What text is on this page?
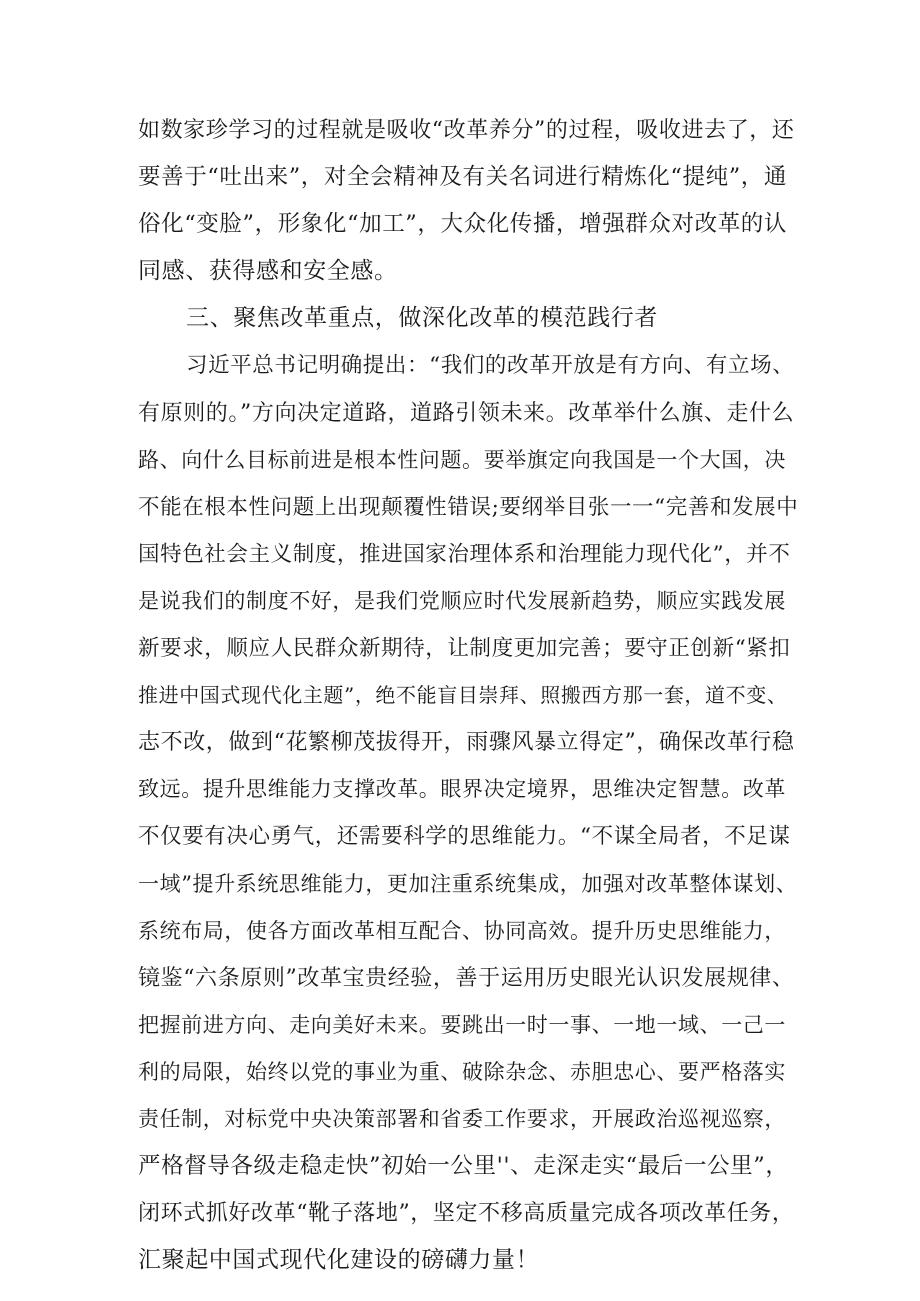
如数家珍学习的过程就是吸收“改革养分”的过程，吸收进去了，还
要善于“吐出来”，对全会精神及有关名词进行精炼化“提纯”，通
俗化“变脸”，形象化“加工”，大众化传播，增强群众对改革的认
同感、获得感和安全感。
三、聚焦改革重点，做深化改革的模范践行者
习近平总书记明确提出：“我们的改革开放是有方向、有立场、
有原则的。”方向决定道路，道路引领未来。改革举什么旗、走什么
路、向什么目标前进是根本性问题。要举旗定向我国是一个大国，决
不能在根本性问题上出现颠覆性错误;要纲举目张一一“完善和发展中
国特色社会主义制度，推进国家治理体系和治理能力现代化”，并不
是说我们的制度不好，是我们党顺应时代发展新趋势，顺应实践发展
新要求，顺应人民群众新期待，让制度更加完善；要守正创新“紧扣
推进中国式现代化主题”，绝不能盲目崇拜、照搬西方那一套，道不变、
志不改，做到“花繁柳茂拔得开，雨骤风暴立得定”，确保改革行稳
致远。提升思维能力支撑改革。眼界决定境界，思维决定智慧。改革
不仅要有决心勇气，还需要科学的思维能力。“不谋全局者，不足谋
一域”提升系统思维能力，更加注重系统集成，加强对改革整体谋划、
系统布局，使各方面改革相互配合、协同高效。提升历史思维能力，
镜鉴“六条原则”改革宝贵经验，善于运用历史眼光认识发展规律、
把握前进方向、走向美好未来。要跳出一时一事、一地一域、一己一
利的局限，始终以党的事业为重、破除杂念、赤胆忠心、要严格落实
责任制，对标党中央决策部署和省委工作要求，开展政治巡视巡察，
严格督导各级走稳走快”初始一公里''、走深走实“最后一公里”，
闭环式抓好改革“靴子落地”，坚定不移高质量完成各项改革任务，
汇聚起中国式现代化建设的磅礴力量！
